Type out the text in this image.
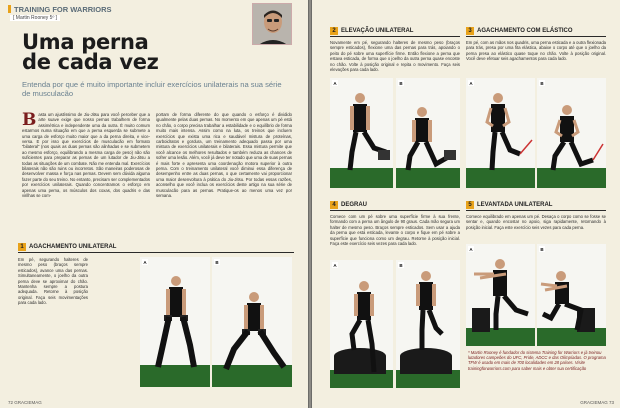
TRAINING FOR WARRIORS
[ Martin Rooney 5º ]
Uma perna
de cada vez
Entenda por que é muito importante incluir exercícios unilaterais na sua série de musculacão
Basta um ajustíssimo de Jiu-Jitsu para você perceber que a arte suave exige que nosso pernas trabalhem de forma assimétrica e independente uma da outra. É muito comum estarmos numa situação em que a perna esquerda se submete a uma carga de esforço muito maior que a da perna direita, e vice-versa. E por isso que exercícios de musculacão em formato “bilateral” (nos quais as duas pernas são alinhadas e se submetem ao mesmo esforço, equilibrando a mesma carga de peso) não são suficientes para preparar as pernas de um lutador de Jiu-Jitsu a todas as situações de um combate. Não me entenda mal. Exercícios bilaterais não são ruins ou incorretos. São maneiras poderosas de desenvolver massa e força nas pernas. Devem sem dúvida alguma fazer parte do seu treino. No entanto, precisam ser complementados por exercícios unilaterais. Quando concentramos o esforço em apenas uma perna, os músculos dos coxas, dos quadris e das virilhas se com-
portam de forma diferente do que quando o esforço é dividido igualmente pelas duas pernas. No momento em que apenas um pé está no chão, o corpo precisa trabalhar a estabilidade e o equilíbrio de forma muito mais intensa. Assim como na luta, os treinos que incluem exercícios que exista uma rica e saudável mistura de proteínas, carboidratos e gordura, um treinamento adequado passa por uma mistura de exercícios unilaterais e bilaterais. Essa mistura permite que você alcance os melhores resultados e também reduza as chances de sofrer uma lesão. Além, você já deve ter notado que uma de suas pernas é mais forte e apresenta uma coordenação motora superior à outra perna. Com o treinamento unilateral você diminui essa diferença de desempenho entre as duas pernas, o que certamente vai proporcionar uma maior desenvoltura à prática do Jiu-Jitsu. Por todas essas razões, aconselho que você inclua os exercícios deste artigo na sua série de musculacão para as pernas. Pratique-os ao menos uma vez por semana.
1 AGACHAMENTO UNILATERAL
Em pé, segurando halteres de mesmo peso (braços sempre esticados), avance uma das pernas. Simultaneamente, o joelho da outra perna deve se aproximar do chão. Mantenha sempre a postura adequada. Retorne à posição original. Faça seis movimentações para cada lado.
A	B
72 GRACIEMAG
2 ELEVAÇÃO UNILATERAL
Novamente em pé, segurando halteres de mesmo peso (braços sempre esticados), flexione uma das pernas para trás, apoiando o peito do pé sobre uma superfície firme. Então flexione a perna que estava esticada, de forma que o joelho da outra perna quase encoste no chão. Volte à posição original e repita o movimento. Faça seis elevações para cada lado.
A	B
3 AGACHAMENTO COM ELÁSTICO
Em pé, com as mãos nos quadris, uma perna esticada e a outra flexionada para trás, presa por uma fita elástica, abaixe o corpo até que o joelho da perna presa ao elástico quase toque no chão. Volte à posição original. Você deve efetuar seis agachamentos para cada lado.
A	B
4 DEGRAU
Comece com um pé sobre uma superfície firme à sua frente, formando com a perna um ângulo de 90 graus. Cada mão segura um halter de mesmo peso. Braços sempre esticados. Sem usar a ajuda da perna que está esticada, levante o corpo e fique em pé sobre a superfície que funciona como um degrau. Retorne à posição inicial. Faça este exercício seis vezes para cada lado.
A	B
5 LEVANTADA UNILATERAL
Comece equilibrado em apenas um pé. Desaça o corpo como se fosse se sentar e, quando encostar no apoio, siga rapidamente, retornando à posição inicial. Faça este exercício seis vezes para cada perna.
A	B
* Martin Rooney é fundador do sistema Training for Warriors e já treinou lutadores campeões do UFC, Pride, ADCC e das Olimpíadas. O programa TFW é usado em mais de 700 localidades em 28 países. Visite trainingforwarriors.com para saber mais e obter sua certificação
GRACIEMAG 73
